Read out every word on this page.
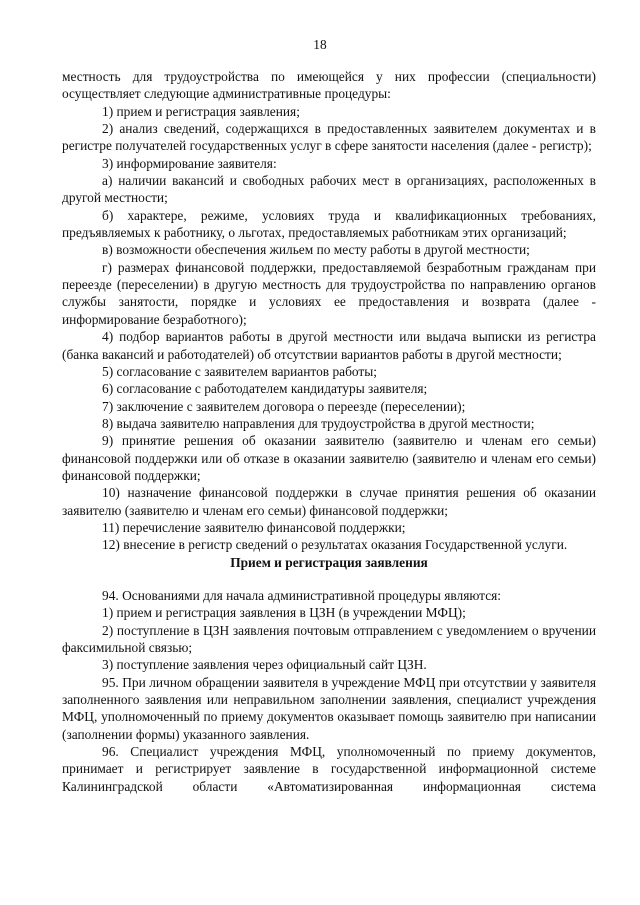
18

местность для трудоустройства по имеющейся у них профессии (специальности) осуществляет следующие административные процедуры:

1) прием и регистрация заявления;

2) анализ сведений, содержащихся в предоставленных заявителем документах и в регистре получателей государственных услуг в сфере занятости населения (далее - регистр);

3) информирование заявителя:

а) наличии вакансий и свободных рабочих мест в организациях, расположенных в другой местности;

б) характере, режиме, условиях труда и квалификационных требованиях, предъявляемых к работнику, о льготах, предоставляемых работникам этих организаций;

в) возможности обеспечения жильем по месту работы в другой местности;

г) размерах финансовой поддержки, предоставляемой безработным гражданам при переезде (переселении) в другую местность для трудоустройства по направлению органов службы занятости, порядке и условиях ее предоставления и возврата (далее - информирование безработного);

4) подбор вариантов работы в другой местности или выдача выписки из регистра (банка вакансий и работодателей) об отсутствии вариантов работы в другой местности;

5) согласование с заявителем вариантов работы;

6) согласование с работодателем кандидатуры заявителя;

7) заключение с заявителем договора о переезде (переселении);

8) выдача заявителю направления для трудоустройства в другой местности;

9) принятие решения об оказании заявителю (заявителю и членам его семьи) финансовой поддержки или об отказе в оказании заявителю (заявителю и членам его семьи) финансовой поддержки;

10) назначение финансовой поддержки в случае принятия решения об оказании заявителю (заявителю и членам его семьи) финансовой поддержки;

11) перечисление заявителю финансовой поддержки;

12) внесение в регистр сведений о результатах оказания Государственной услуги.

Прием и регистрация заявления

94. Основаниями для начала административной процедуры являются:

1) прием и регистрация заявления в ЦЗН (в учреждении МФЦ);

2) поступление в ЦЗН заявления почтовым отправлением с уведомлением о вручении факсимильной связью;

3) поступление заявления через официальный сайт ЦЗН.

95. При личном обращении заявителя в учреждение МФЦ при отсутствии у заявителя заполненного заявления или неправильном заполнении заявления, специалист учреждения МФЦ, уполномоченный по приему документов оказывает помощь заявителю при написании (заполнении формы) указанного заявления.

96. Специалист учреждения МФЦ, уполномоченный по приему документов, принимает и регистрирует заявление в государственной информационной системе Калининградской области «Автоматизированная информационная система
